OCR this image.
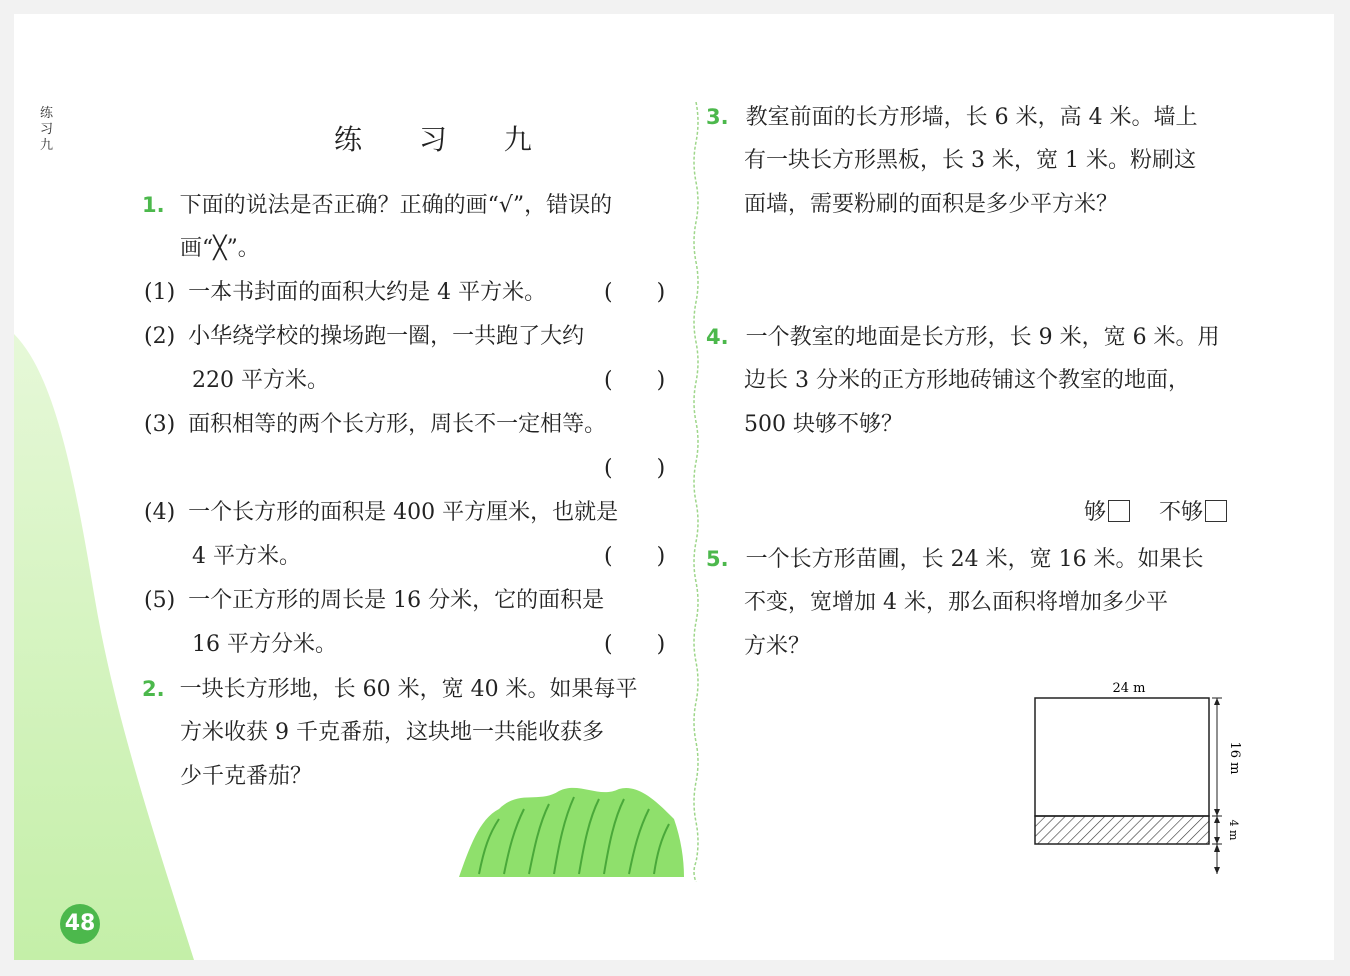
练习九	练 习 九
1. 下面的说法是否正确？正确的画“√”，错误的
画“╳”。
(1) 一本书封面的面积大约是 4 平方米。	(　　)
(2) 小华绕学校的操场跑一圈，一共跑了大约
220 平方米。	(　　)
(3) 面积相等的两个长方形，周长不一定相等。
(　　)
(4) 一个长方形的面积是 400 平方厘米，也就是
4 平方米。	(　　)
(5) 一个正方形的周长是 16 分米，它的面积是
16 平方分米。	(　　)
2. 一块长方形地，长 60 米，宽 40 米。如果每平
方米收获 9 千克番茄，这块地一共能收获多
少千克番茄？
3. 教室前面的长方形墙，长 6 米，高 4 米。墙上
有一块长方形黑板，长 3 米，宽 1 米。粉刷这
面墙，需要粉刷的面积是多少平方米？
4. 一个教室的地面是长方形，长 9 米，宽 6 米。用
边长 3 分米的正方形地砖铺这个教室的地面，
500 块够不够？
够 不够
5. 一个长方形苗圃，长 24 米，宽 16 米。如果长
不变，宽增加 4 米，那么面积将增加多少平
方米？
24 m
16 m
4 m
48
